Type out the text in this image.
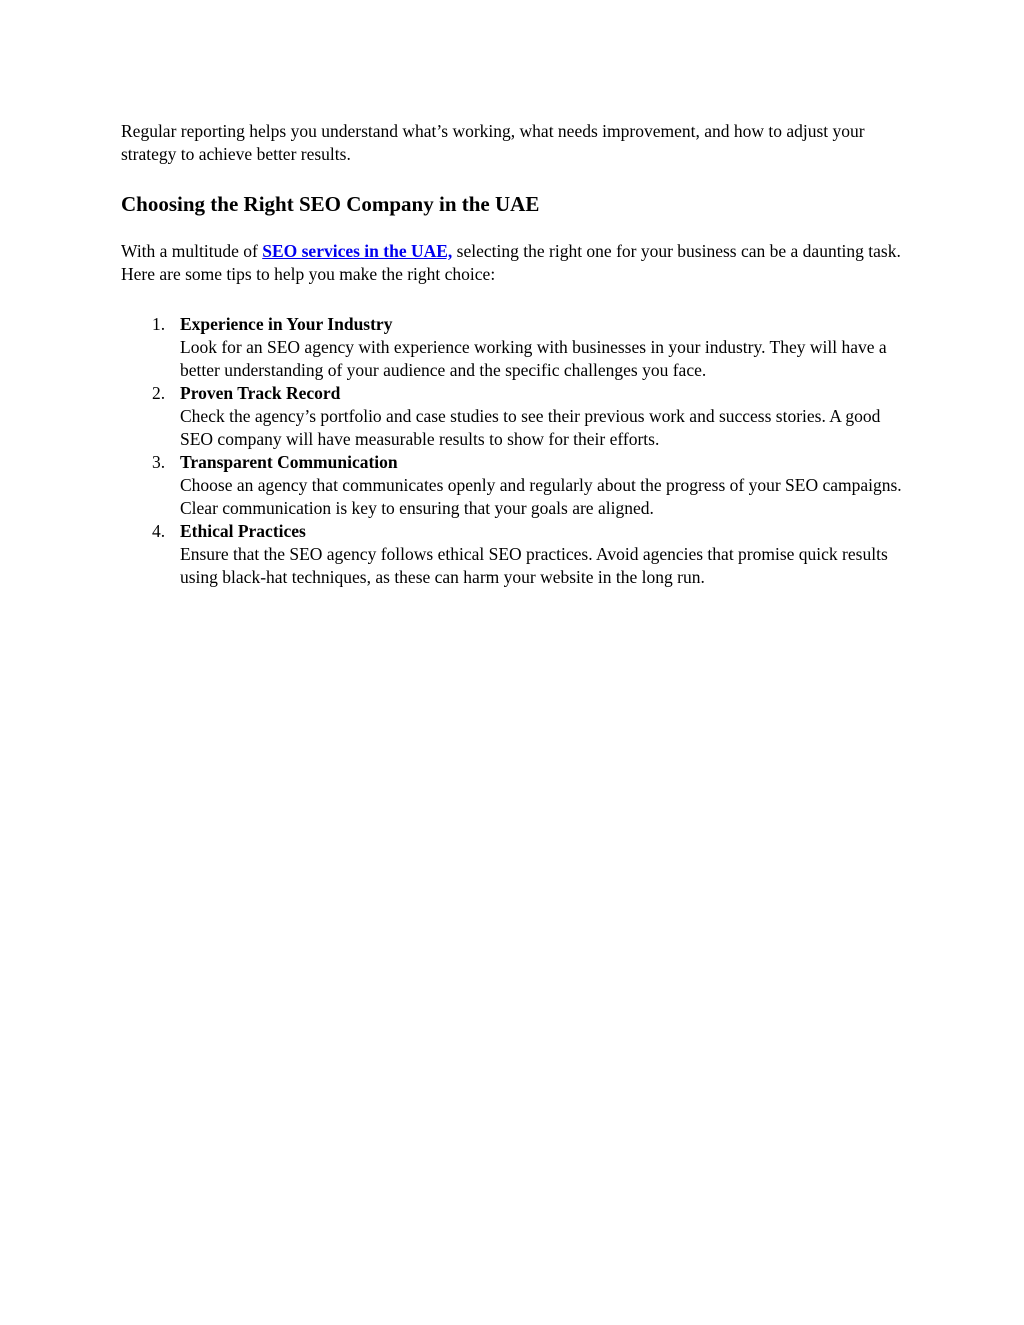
Regular reporting helps you understand what’s working, what needs improvement, and how to adjust your strategy to achieve better results.

Choosing the Right SEO Company in the UAE

With a multitude of SEO services in the UAE, selecting the right one for your business can be a daunting task. Here are some tips to help you make the right choice:

1. Experience in Your Industry
Look for an SEO agency with experience working with businesses in your industry. They will have a better understanding of your audience and the specific challenges you face.
2. Proven Track Record
Check the agency’s portfolio and case studies to see their previous work and success stories. A good SEO company will have measurable results to show for their efforts.
3. Transparent Communication
Choose an agency that communicates openly and regularly about the progress of your SEO campaigns. Clear communication is key to ensuring that your goals are aligned.
4. Ethical Practices
Ensure that the SEO agency follows ethical SEO practices. Avoid agencies that promise quick results using black-hat techniques, as these can harm your website in the long run.
